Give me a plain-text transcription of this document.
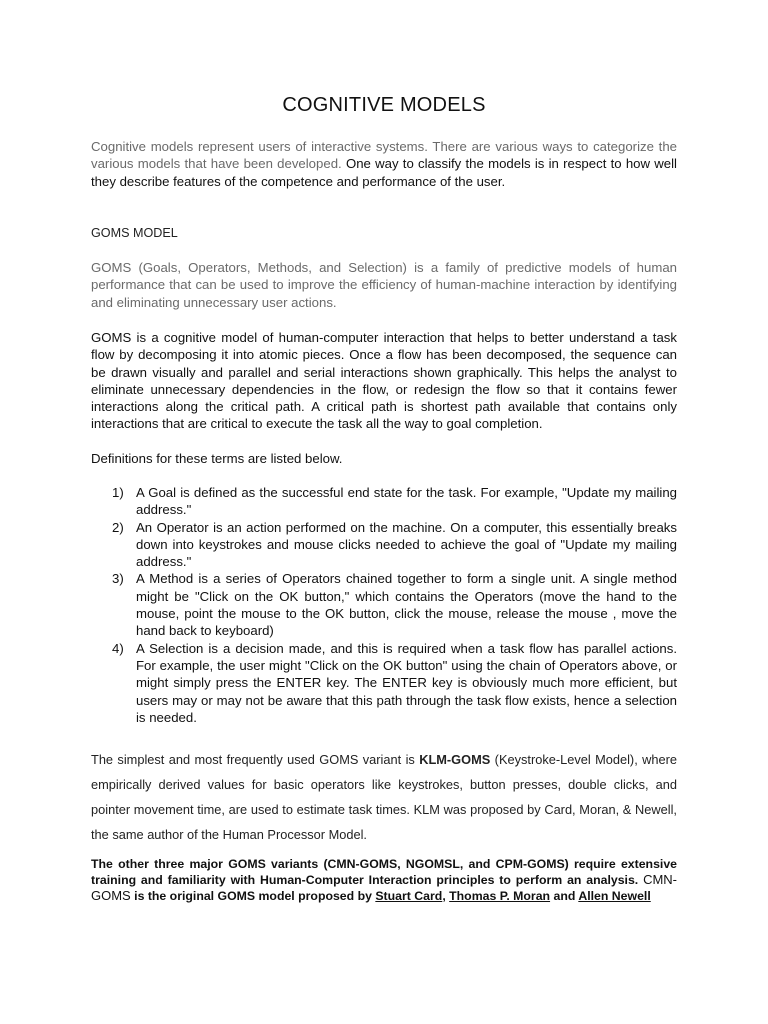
COGNITIVE MODELS

Cognitive models represent users of interactive systems. There are various ways to categorize the various models that have been developed. One way to classify the models is in respect to how well they describe features of the competence and performance of the user.

GOMS MODEL

GOMS (Goals, Operators, Methods, and Selection) is a family of predictive models of human performance that can be used to improve the efficiency of human-machine interaction by identifying and eliminating unnecessary user actions.

GOMS is a cognitive model of human-computer interaction that helps to better understand a task flow by decomposing it into atomic pieces. Once a flow has been decomposed, the sequence can be drawn visually and parallel and serial interactions shown graphically. This helps the analyst to eliminate unnecessary dependencies in the flow, or redesign the flow so that it contains fewer interactions along the critical path. A critical path is shortest path available that contains only interactions that are critical to execute the task all the way to goal completion.

Definitions for these terms are listed below.

1) A Goal is defined as the successful end state for the task. For example, "Update my mailing address."
2) An Operator is an action performed on the machine. On a computer, this essentially breaks down into keystrokes and mouse clicks needed to achieve the goal of "Update my mailing address."
3) A Method is a series of Operators chained together to form a single unit. A single method might be "Click on the OK button," which contains the Operators (move the hand to the mouse, point the mouse to the OK button, click the mouse, release the mouse , move the hand back to keyboard)
4) A Selection is a decision made, and this is required when a task flow has parallel actions. For example, the user might "Click on the OK button" using the chain of Operators above, or might simply press the ENTER key. The ENTER key is obviously much more efficient, but users may or may not be aware that this path through the task flow exists, hence a selection is needed.

The simplest and most frequently used GOMS variant is KLM-GOMS (Keystroke-Level Model), where empirically derived values for basic operators like keystrokes, button presses, double clicks, and pointer movement time, are used to estimate task times. KLM was proposed by Card, Moran, & Newell, the same author of the Human Processor Model.

The other three major GOMS variants (CMN-GOMS, NGOMSL, and CPM-GOMS) require extensive training and familiarity with Human-Computer Interaction principles to perform an analysis. CMN-GOMS is the original GOMS model proposed by Stuart Card, Thomas P. Moran and Allen Newell
